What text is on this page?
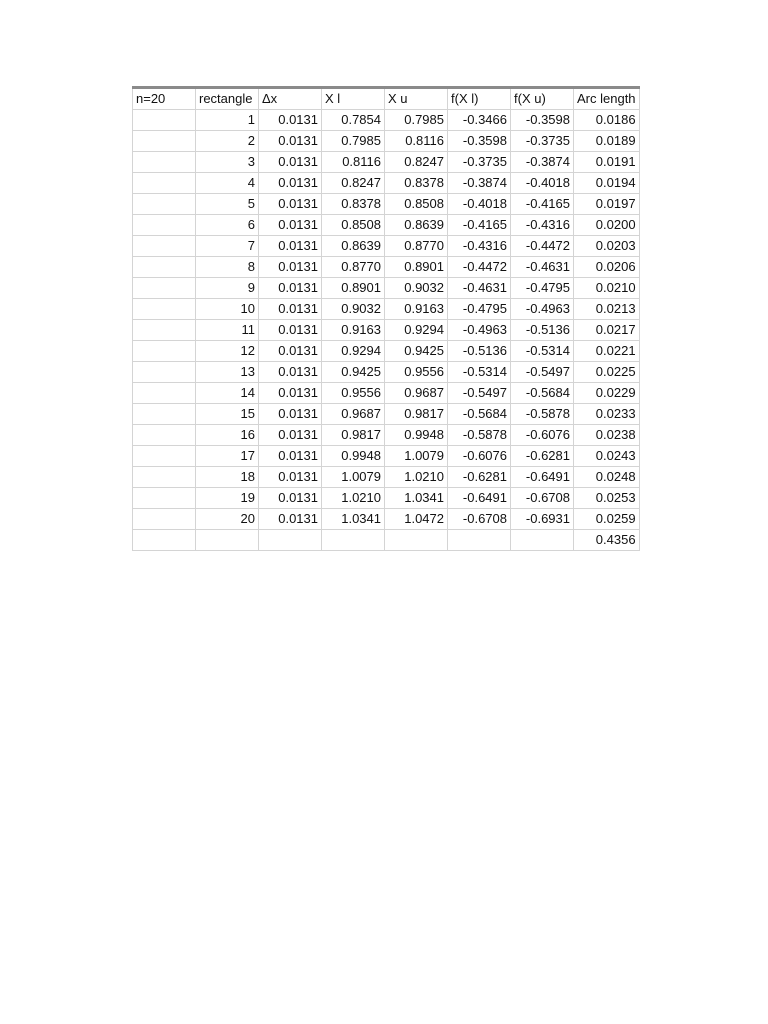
n=20	rectangle	Δx	X l	X u	f(X l)	f(X u)	Arc length
	1	0.0131	0.7854	0.7985	-0.3466	-0.3598	0.0186
	2	0.0131	0.7985	0.8116	-0.3598	-0.3735	0.0189
	3	0.0131	0.8116	0.8247	-0.3735	-0.3874	0.0191
	4	0.0131	0.8247	0.8378	-0.3874	-0.4018	0.0194
	5	0.0131	0.8378	0.8508	-0.4018	-0.4165	0.0197
	6	0.0131	0.8508	0.8639	-0.4165	-0.4316	0.0200
	7	0.0131	0.8639	0.8770	-0.4316	-0.4472	0.0203
	8	0.0131	0.8770	0.8901	-0.4472	-0.4631	0.0206
	9	0.0131	0.8901	0.9032	-0.4631	-0.4795	0.0210
	10	0.0131	0.9032	0.9163	-0.4795	-0.4963	0.0213
	11	0.0131	0.9163	0.9294	-0.4963	-0.5136	0.0217
	12	0.0131	0.9294	0.9425	-0.5136	-0.5314	0.0221
	13	0.0131	0.9425	0.9556	-0.5314	-0.5497	0.0225
	14	0.0131	0.9556	0.9687	-0.5497	-0.5684	0.0229
	15	0.0131	0.9687	0.9817	-0.5684	-0.5878	0.0233
	16	0.0131	0.9817	0.9948	-0.5878	-0.6076	0.0238
	17	0.0131	0.9948	1.0079	-0.6076	-0.6281	0.0243
	18	0.0131	1.0079	1.0210	-0.6281	-0.6491	0.0248
	19	0.0131	1.0210	1.0341	-0.6491	-0.6708	0.0253
	20	0.0131	1.0341	1.0472	-0.6708	-0.6931	0.0259
							0.4356
